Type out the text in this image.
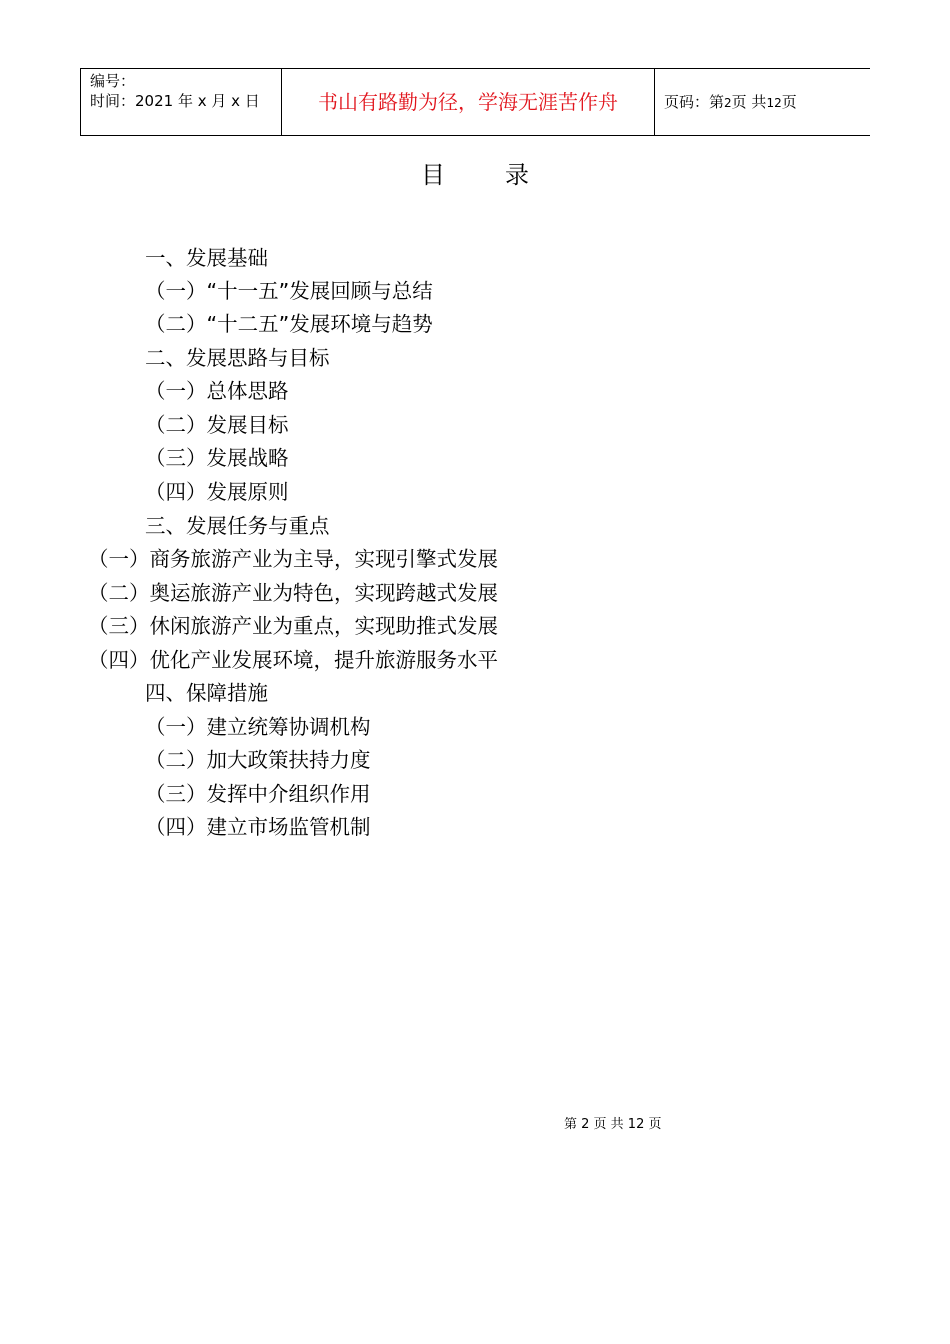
编号：
时间：2021 年 x 月 x 日	书山有路勤为径，学海无涯苦作舟	页码：第2页 共12页
目	录
一、发展基础
（一）“十一五”发展回顾与总结
（二）“十二五”发展环境与趋势
二、发展思路与目标
（一）总体思路
（二）发展目标
（三）发展战略
（四）发展原则
三、发展任务与重点
（一）商务旅游产业为主导，实现引擎式发展
（二）奥运旅游产业为特色，实现跨越式发展
（三）休闲旅游产业为重点，实现助推式发展
（四）优化产业发展环境，提升旅游服务水平
四、保障措施
（一）建立统筹协调机构
（二）加大政策扶持力度
（三）发挥中介组织作用
（四）建立市场监管机制
第 2 页 共 12 页
